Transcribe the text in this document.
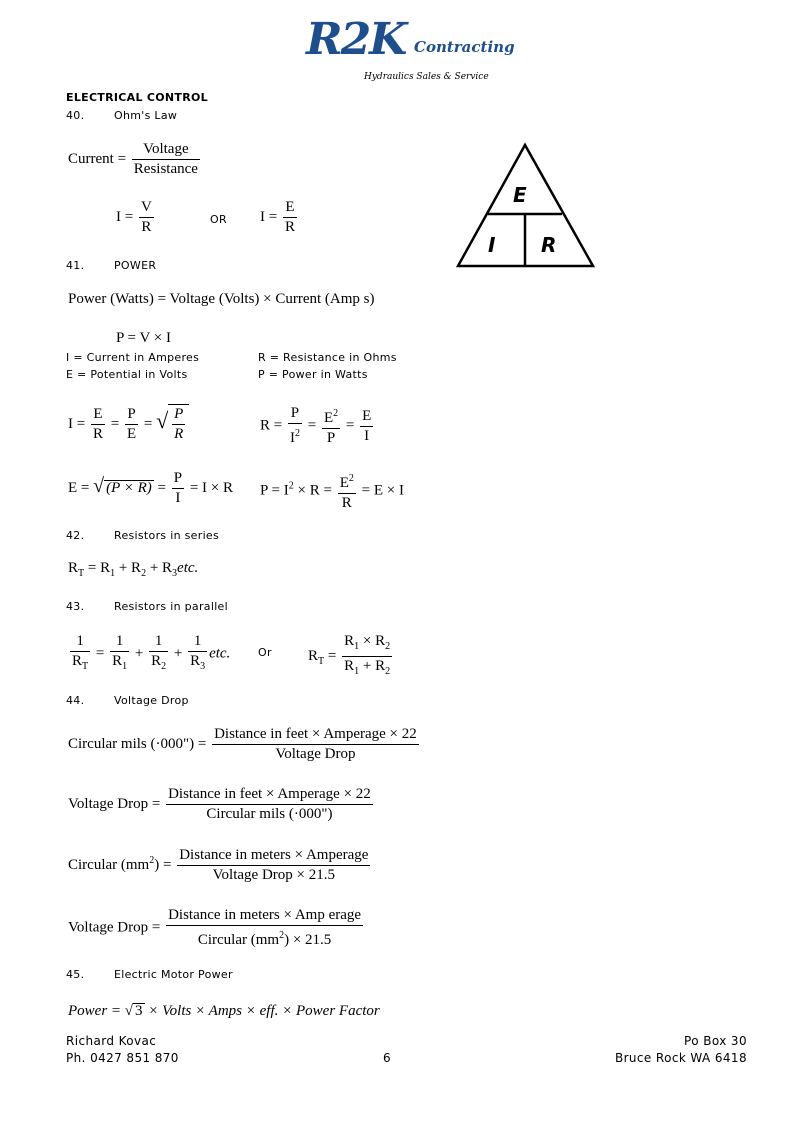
R2K Contracting
Hydraulics Sales & Service
ELECTRICAL CONTROL
40.	Ohm's Law
Current = $\frac{\text{Voltage}}{\text{Resistance}}$
$I = \frac{V}{R}$	OR $I = \frac{E}{R}$
E
I R
41.	POWER
Power (Watts) = Voltage (Volts) × Current (Amp s)
P = V × I
I = Current in Amperes	R = Resistance in Ohms
E = Potential in Volts	P = Power in Watts
$I = \frac{E}{R} = \frac{P}{E}$ = √ $\frac{P}{R}$	$R = \frac{P}{I^2} = \frac{E^2}{P} = \frac{E}{I}$
E = √ $(P \times R) = \frac{P}{I} = I \times R$ $P = I^2 \times R = \frac{E^2}{R} = E \times I$
42.	Resistors in series
$R_T = R_1 + R_2 + R_3etc$.
43.	Resistors in parallel
$\frac{1}{R_T} = \frac{1}{R_1} + \frac{1}{R_2} + \frac{1}{R_3}$ etc.	Or $R_T = \frac{R_1 \times R_2}{R_1 + R_2}$
44.	Voltage Drop
Circular mils (·000") = $\frac{\text{Distance in feet × Amperage × 22}}{\text{Voltage Drop}}$
Voltage Drop = $\frac{\text{Distance in feet × Amperage × 22}}{\text{Circular mils (·000")}}$
Circular $(mm^2) = \frac{\text{Distance in meters × Amperage}}{\text{Voltage Drop × 21.5}}$
Voltage Drop = $\frac{\text{Distance in meters × Amp erage}}{Circular (mm^2) \times 21.5}$
45.	Electric Motor Power
Power = √ 3 × Volts × Amps × eff. × Power Factor
Richard Kovac
Ph. 0427 851 870	6
Po Box 30
Bruce Rock WA 6418
